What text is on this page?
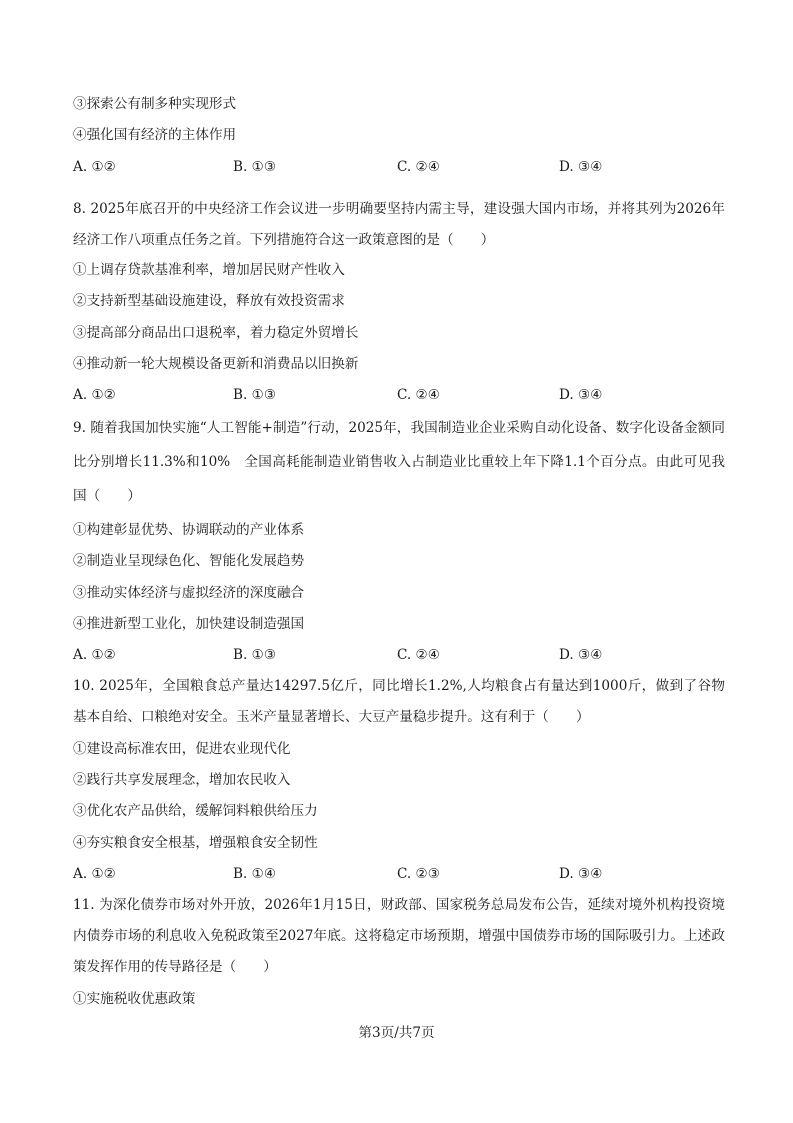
③探索公有制多种实现形式
④强化国有经济的主体作用
A. ①②	B. ①③	C. ②④	D. ③④
8. 2025年底召开的中央经济工作会议进一步明确要坚持内需主导，建设强大国内市场，并将其列为2026年经济工作八项重点任务之首。下列措施符合这一政策意图的是（　　）
①上调存贷款基准利率，增加居民财产性收入
②支持新型基础设施建设，释放有效投资需求
③提高部分商品出口退税率，着力稳定外贸增长
④推动新一轮大规模设备更新和消费品以旧换新
A. ①②	B. ①③	C. ②④	D. ③④
9. 随着我国加快实施“人工智能+制造”行动，2025年，我国制造业企业采购自动化设备、数字化设备金额同比分别增长11.3%和10%　全国高耗能制造业销售收入占制造业比重较上年下降1.1个百分点。由此可见我国（　　）
①构建彰显优势、协调联动的产业体系
②制造业呈现绿色化、智能化发展趋势
③推动实体经济与虚拟经济的深度融合
④推进新型工业化，加快建设制造强国
A. ①②	B. ①③	C. ②④	D. ③④
10. 2025年，全国粮食总产量达14297.5亿斤，同比增长1.2%,人均粮食占有量达到1000斤，做到了谷物基本自给、口粮绝对安全。玉米产量显著增长、大豆产量稳步提升。这有利于（　　）
①建设高标准农田，促进农业现代化
②践行共享发展理念，增加农民收入
③优化农产品供给，缓解饲料粮供给压力
④夯实粮食安全根基，增强粮食安全韧性
A. ①②	B. ①④	C. ②③	D. ③④
11. 为深化债券市场对外开放，2026年1月15日，财政部、国家税务总局发布公告，延续对境外机构投资境内债券市场的利息收入免税政策至2027年底。这将稳定市场预期，增强中国债券市场的国际吸引力。上述政策发挥作用的传导路径是（　　）
①实施税收优惠政策
第3页/共7页
